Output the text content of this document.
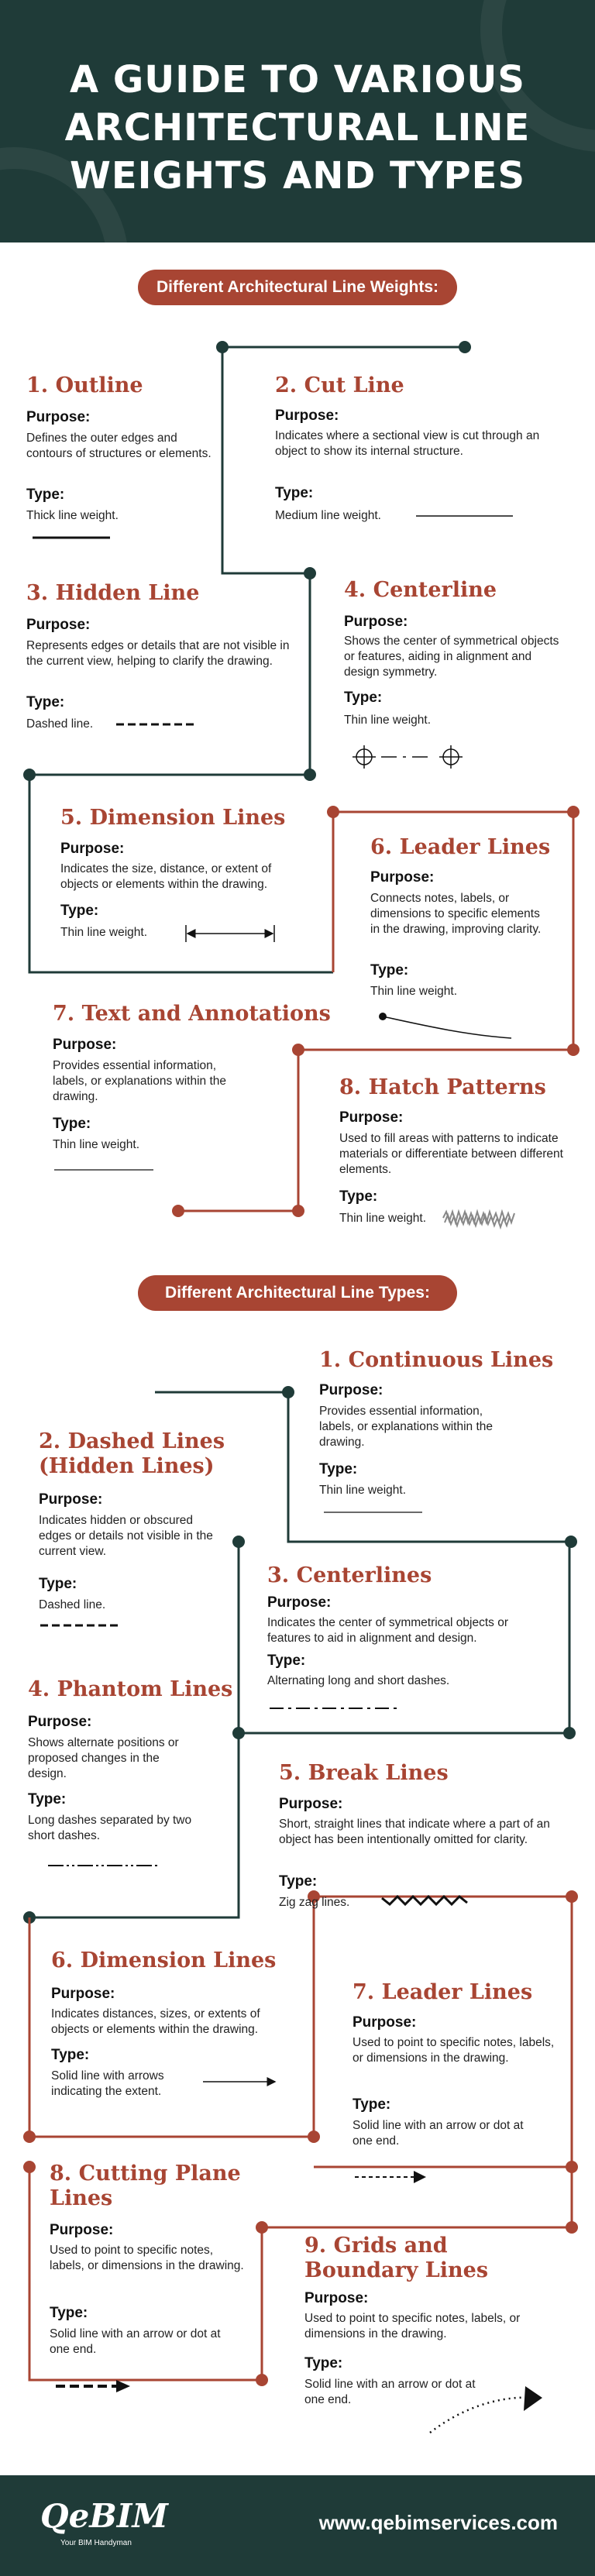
A GUIDE TO VARIOUS ARCHITECTURAL LINE WEIGHTS AND TYPES
Different Architectural Line Weights:
Different Architectural Line Types:
1. Outline
Purpose:
Defines the outer edges and contours of structures or elements.
Type:
Thick line weight.
2. Cut Line
Purpose:
Indicates where a sectional view is cut through an object to show its internal structure.
Type:
Medium line weight.
3. Hidden Line
Purpose:
Represents edges or details that are not visible in the current view, helping to clarify the drawing.
Type:
Dashed line.
4. Centerline
Purpose:
Shows the center of symmetrical objects or features, aiding in alignment and design symmetry.
Type:
Thin line weight.
5. Dimension Lines
Purpose:
Indicates the size, distance, or extent of objects or elements within the drawing.
Type:
Thin line weight.
6. Leader Lines
Purpose:
Connects notes, labels, or dimensions to specific elements in the drawing, improving clarity.
Type:
Thin line weight.
7. Text and Annotations
Purpose:
Provides essential information, labels, or explanations within the drawing.
Type:
Thin line weight.
8. Hatch Patterns
Purpose:
Used to fill areas with patterns to indicate materials or differentiate between different elements.
Type:
Thin line weight.
1. Continuous Lines
Purpose:
Provides essential information, labels, or explanations within the drawing.
Type:
Thin line weight.
2. Dashed Lines (Hidden Lines)
Purpose:
Indicates hidden or obscured edges or details not visible in the current view.
Type:
Dashed line.
3. Centerlines
Purpose:
Indicates the center of symmetrical objects or features to aid in alignment and design.
Type:
Alternating long and short dashes.
4. Phantom Lines
Purpose:
Shows alternate positions or proposed changes in the design.
Type:
Long dashes separated by two short dashes.
5. Break Lines
Purpose:
Short, straight lines that indicate where a part of an object has been intentionally omitted for clarity.
Type:
Zig zag lines.
6. Dimension Lines
Purpose:
Indicates distances, sizes, or extents of objects or elements within the drawing.
Type:
Solid line with arrows indicating the extent.
7. Leader Lines
Purpose:
Used to point to specific notes, labels, or dimensions in the drawing.
Type:
Solid line with an arrow or dot at one end.
8. Cutting Plane Lines
Purpose:
Used to point to specific notes, labels, or dimensions in the drawing.
Type:
Solid line with an arrow or dot at one end.
9. Grids and Boundary Lines
Purpose:
Used to point to specific notes, labels, or dimensions in the drawing.
Type:
Solid line with an arrow or dot at one end.
QeBIM
Your BIM Handyman
www.qebimservices.com
